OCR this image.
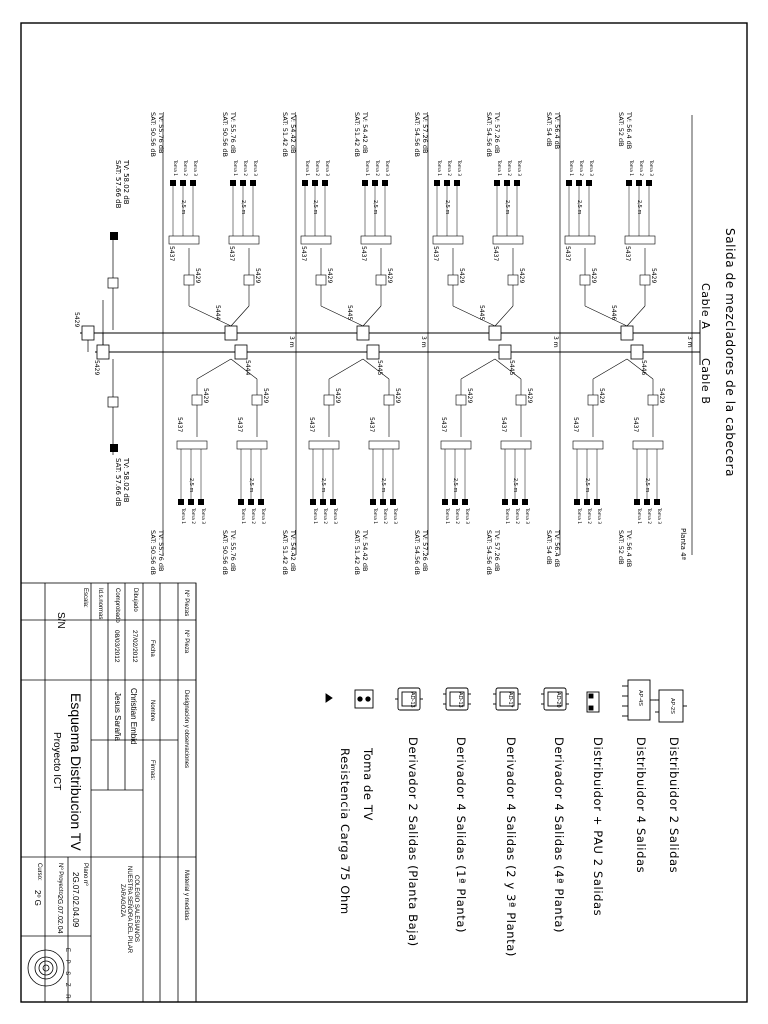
Salida de mezcladores de la cabecera
Cable A
Cable B
Distribuidor 2 Salidas
Distribuidor 4 Salidas
Distribuidor + PAU 2 Salidas
Derivador 4 Salidas (4ª Planta)
Derivador 4 Salidas (2 y 3ª Planta)
Derivador 4 Salidas (1ª Planta)
Derivador 2 Salidas (Planta Baja)
Toma de TV
Resistencia Carga 75 Ohm
AP-2S
AP-4S
AD-20
AD-17
AD-13
AD-13
TV: 58.02 dB
SAT: 57.66 dB
TV: 58.02 dB
SAT: 57.66 dB
5429
5429
Nº Piezas
Nº Pieza
Designación y observaciones
Material y medidas
Fecha
Nombre
Firmas:
Dibujado
Comprobado
Id.s.normas
Escala:
27/02/2012
08/03/2012
Christian Embid
Jesus Saraña
COLEGIO SALESIANOS
NUESTRA SEÑORA DEL PILAR
ZARAGOZA
S/N
Esquema Distribucion TV
Proyecto ICT
Plano nº
2G.07.02.04.09
Nº Proyecto:
2G.07.02.04
Curso:
2º G
E P S Z R
5446
5446
3 m
5429
5437
Toma 1 Toma 2 Toma 3
2,5 m
5429
5437
Toma 1 Toma 2 Toma 3
2,5 m
5429
5437
Toma 1 Toma 2 Toma 3
2,5 m
5429
5437
Toma 1 Toma 2 Toma 3
2,5 m
TV: 56.4 dB
SAT: 52 dB
TV: 56.4 dB
SAT: 54 dB
TV: 56.4 dB
SAT: 52 dB
TV: 56.4 dB
SAT: 54 dB	Planta 4ª
5445
5445
3 m
5429
5437
Toma 1 Toma 2 Toma 3
2,5 m
5429
5437
Toma 1 Toma 2 Toma 3
2,5 m
5429
5437
Toma 1 Toma 2 Toma 3
2,5 m
5429
5437
Toma 1 Toma 2 Toma 3
2,5 m
TV: 57.26 dB
SAT: 54.56 dB
TV: 57.26 dB
SAT: 54.56 dB
TV: 57.26 dB
SAT: 54.56 dB
TV: 57.26 dB
SAT: 54.56 dB
5445
5445
3 m
5429
5437
Toma 1 Toma 2 Toma 3
2,5 m
5429
5437
Toma 1 Toma 2 Toma 3
2,5 m
5429
5437
Toma 1 Toma 2 Toma 3
2,5 m
5429
5437
Toma 1 Toma 2 Toma 3
2,5 m
TV: 54.42 dB
SAT: 51.42 dB
TV: 54.42 dB
SAT: 51.42 dB
TV: 54.42 dB
SAT: 51.42 dB
TV: 54.42 dB
SAT: 51.42 dB
5444
5444
3 m
5429
5437
Toma 1 Toma 2 Toma 3
2,5 m
5429
5437
Toma 1 Toma 2 Toma 3
2,5 m
5429
5437
Toma 1 Toma 2 Toma 3
2,5 m
5429
5437
Toma 1 Toma 2 Toma 3
2,5 m
TV: 55.76 dB
SAT: 50.56 dB
TV: 55.76 dB
SAT: 50.56 dB
TV: 55.76 dB
SAT: 50.56 dB
TV: 55.76 dB
SAT: 50.56 dB
